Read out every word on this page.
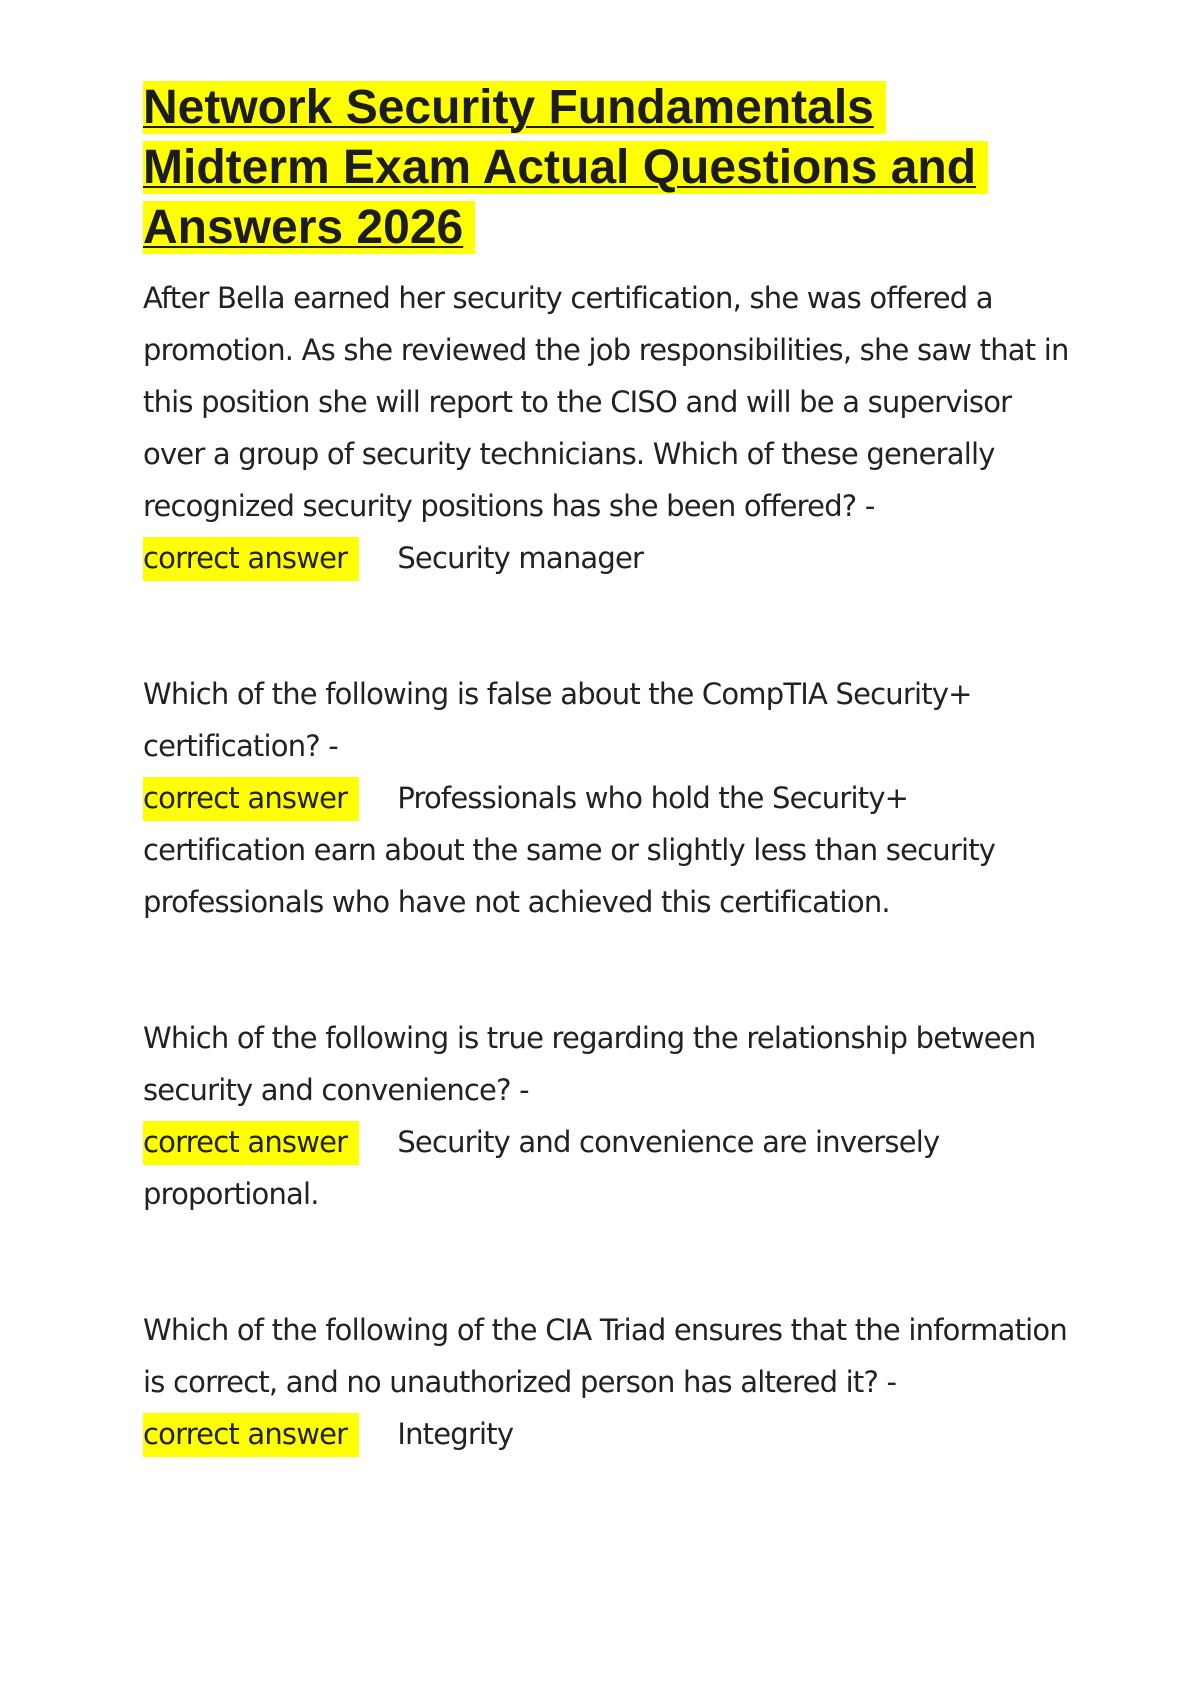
Network Security Fundamentals Midterm Exam Actual Questions and Answers 2026
After Bella earned her security certification, she was offered a promotion. As she reviewed the job responsibilities, she saw that in this position she will report to the CISO and will be a supervisor over a group of security technicians. Which of these generally recognized security positions has she been offered? -
correct answer Security manager
Which of the following is false about the CompTIA Security+ certification? -
correct answer Professionals who hold the Security+ certification earn about the same or slightly less than security professionals who have not achieved this certification.
Which of the following is true regarding the relationship between security and convenience? -
correct answer Security and convenience are inversely proportional.
Which of the following of the CIA Triad ensures that the information is correct, and no unauthorized person has altered it? -
correct answer Integrity
